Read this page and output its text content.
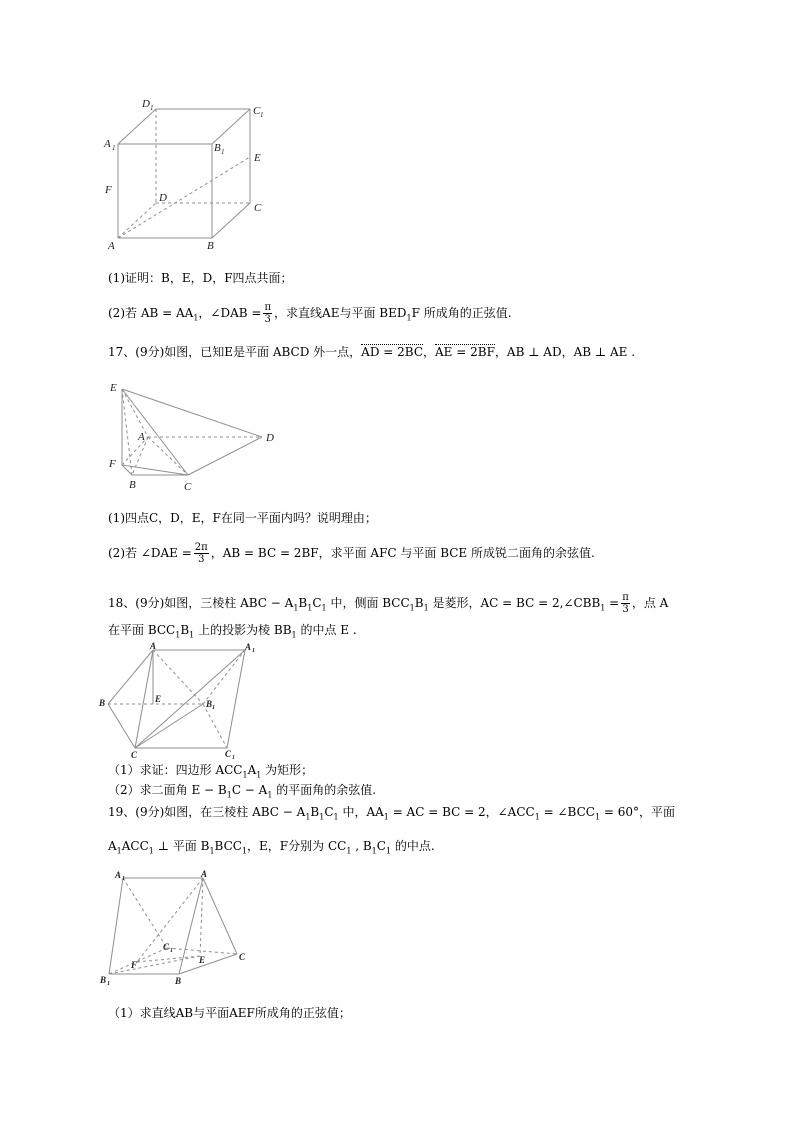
A 1	B 1
D 1	C 1
E
F
D
C
A	B
(1)证明：B，E，D，F四点共面；
(2)若 AB = $AA_1$，∠DAB = $\frac{\pi}{3}$ ，求直线AE与平面 $BED_1F$ 所成角的正弦值.
17、(9分)如图，已知E是平面 ABCD 外一点，AD = 2BC，AE = 2BF，AB ⊥ AD，AB ⊥ AE .
E
A	D
F
B	C
(1)四点C，D，E，F在同一平面内吗？说明理由；
(2)若 ∠DAE = $\frac{2\pi}{3}$ ，AB = BC = 2BF，求平面 AFC 与平面 BCE 所成锐二面角的余弦值.
18、(9分)如图，三棱柱 ABC − $A_1B_1C_1$ 中，侧面 $BCC_1B_1$ 是菱形，AC = BC = $2,\angle CBB_1 = \frac{\pi}{3}$ ，点 A
在平面 $BCC_1B_1$ 上的投影为棱 $BB_1$ 的中点 E .
A	A 1
B	E	B 1
C	C 1
（1）求证：四边形 $ACC_1A_1$ 为矩形；
（2）求二面角 $E - B_1C - A_1$ 的平面角的余弦值.
19、(9分)如图，在三棱柱 ABC − $A_1B_1C_1$ 中，$AA_1$ = AC = BC = 2，$\angle ACC_1$ = $\angle BCC_1 = 60^\circ$，平面
$A_1ACC_1$ ⊥ 平面 $B_1BCC_1$，E，F分别为 $CC_1$ , $B_1C_1$ 的中点.
A 1	A
C 1
F	E	C
B 1	B
（1）求直线AB与平面AEF所成角的正弦值；
